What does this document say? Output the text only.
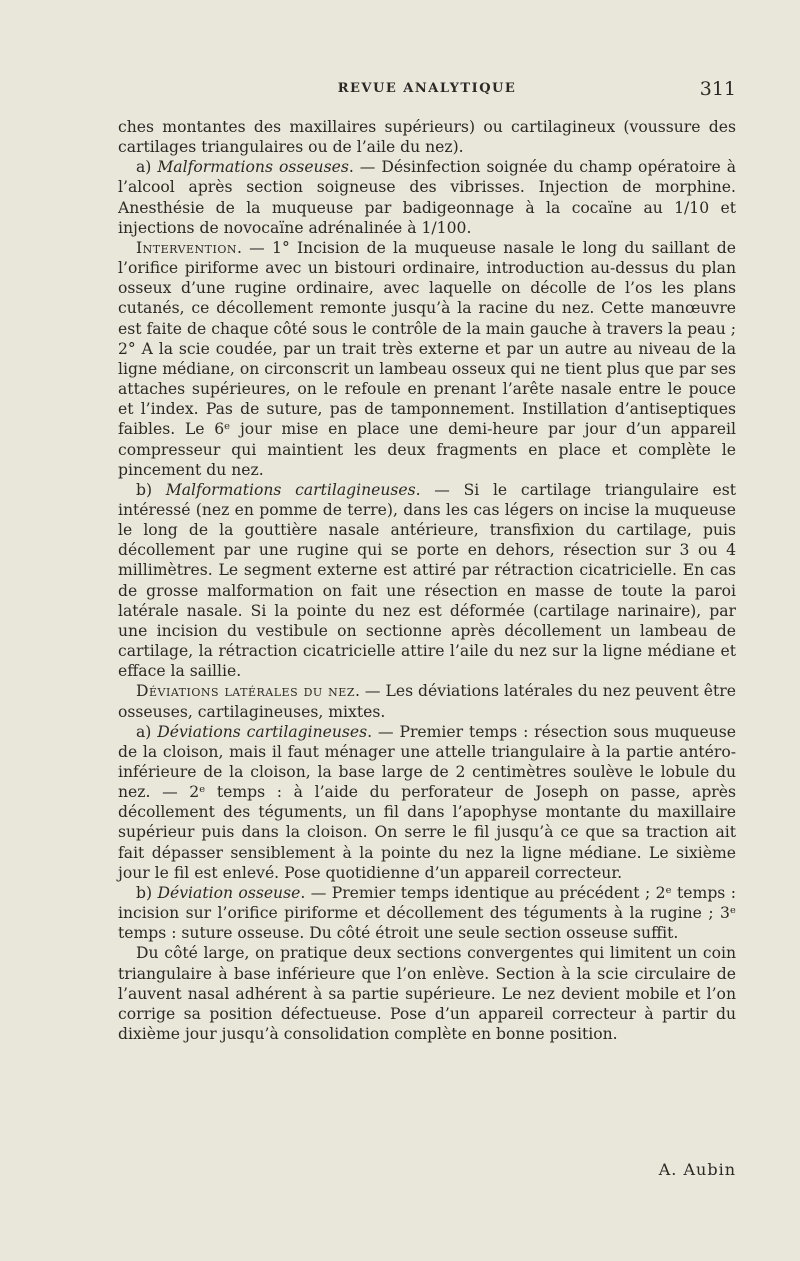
REVUE ANALYTIQUE	311

ches montantes des maxillaires supérieurs) ou cartilagineux (voussure des cartilages triangulaires ou de l’aile du nez).

a) Malformations osseuses. — Désinfection soignée du champ opératoire à l’alcool après section soigneuse des vibrisses. Injection de morphine. Anesthésie de la muqueuse par badigeonnage à la cocaïne au 1/10 et injections de novocaïne adrénalinée à 1/100.

Intervention. — 1° Incision de la muqueuse nasale le long du saillant de l’orifice piriforme avec un bistouri ordinaire, introduction au-dessus du plan osseux d’une rugine ordinaire, avec laquelle on décolle de l’os les plans cutanés, ce décollement remonte jusqu’à la racine du nez. Cette manœuvre est faite de chaque côté sous le contrôle de la main gauche à travers la peau ; 2° A la scie coudée, par un trait très externe et par un autre au niveau de la ligne médiane, on circonscrit un lambeau osseux qui ne tient plus que par ses attaches supérieures, on le refoule en prenant l’arête nasale entre le pouce et l’index. Pas de suture, pas de tamponnement. Instillation d’antiseptiques faibles. Le 6ᵉ jour mise en place une demi-heure par jour d’un appareil compresseur qui maintient les deux fragments en place et complète le pincement du nez.

b) Malformations cartilagineuses. — Si le cartilage triangulaire est intéressé (nez en pomme de terre), dans les cas légers on incise la muqueuse le long de la gouttière nasale antérieure, transfixion du cartilage, puis décollement par une rugine qui se porte en dehors, résection sur 3 ou 4 millimètres. Le segment externe est attiré par rétraction cicatricielle. En cas de grosse malformation on fait une résection en masse de toute la paroi latérale nasale. Si la pointe du nez est déformée (cartilage narinaire), par une incision du vestibule on sectionne après décollement un lambeau de cartilage, la rétraction cicatricielle attire l’aile du nez sur la ligne médiane et efface la saillie.

Déviations latérales du nez. — Les déviations latérales du nez peuvent être osseuses, cartilagineuses, mixtes.

a) Déviations cartilagineuses. — Premier temps : résection sous muqueuse de la cloison, mais il faut ménager une attelle triangulaire à la partie antéro-inférieure de la cloison, la base large de 2 centimètres soulève le lobule du nez. — 2ᵉ temps : à l’aide du perforateur de Joseph on passe, après décollement des téguments, un fil dans l’apophyse montante du maxillaire supérieur puis dans la cloison. On serre le fil jusqu’à ce que sa traction ait fait dépasser sensiblement à la pointe du nez la ligne médiane. Le sixième jour le fil est enlevé. Pose quotidienne d’un appareil correcteur.

b) Déviation osseuse. — Premier temps identique au précédent ; 2ᵉ temps : incision sur l’orifice piriforme et décollement des téguments à la rugine ; 3ᵉ temps : suture osseuse. Du côté étroit une seule section osseuse suffit.

Du côté large, on pratique deux sections convergentes qui limitent un coin triangulaire à base inférieure que l’on enlève. Section à la scie circulaire de l’auvent nasal adhérent à sa partie supérieure. Le nez devient mobile et l’on corrige sa position défectueuse. Pose d’un appareil correcteur à partir du dixième jour jusqu’à consolidation complète en bonne position.

A. Aubin
